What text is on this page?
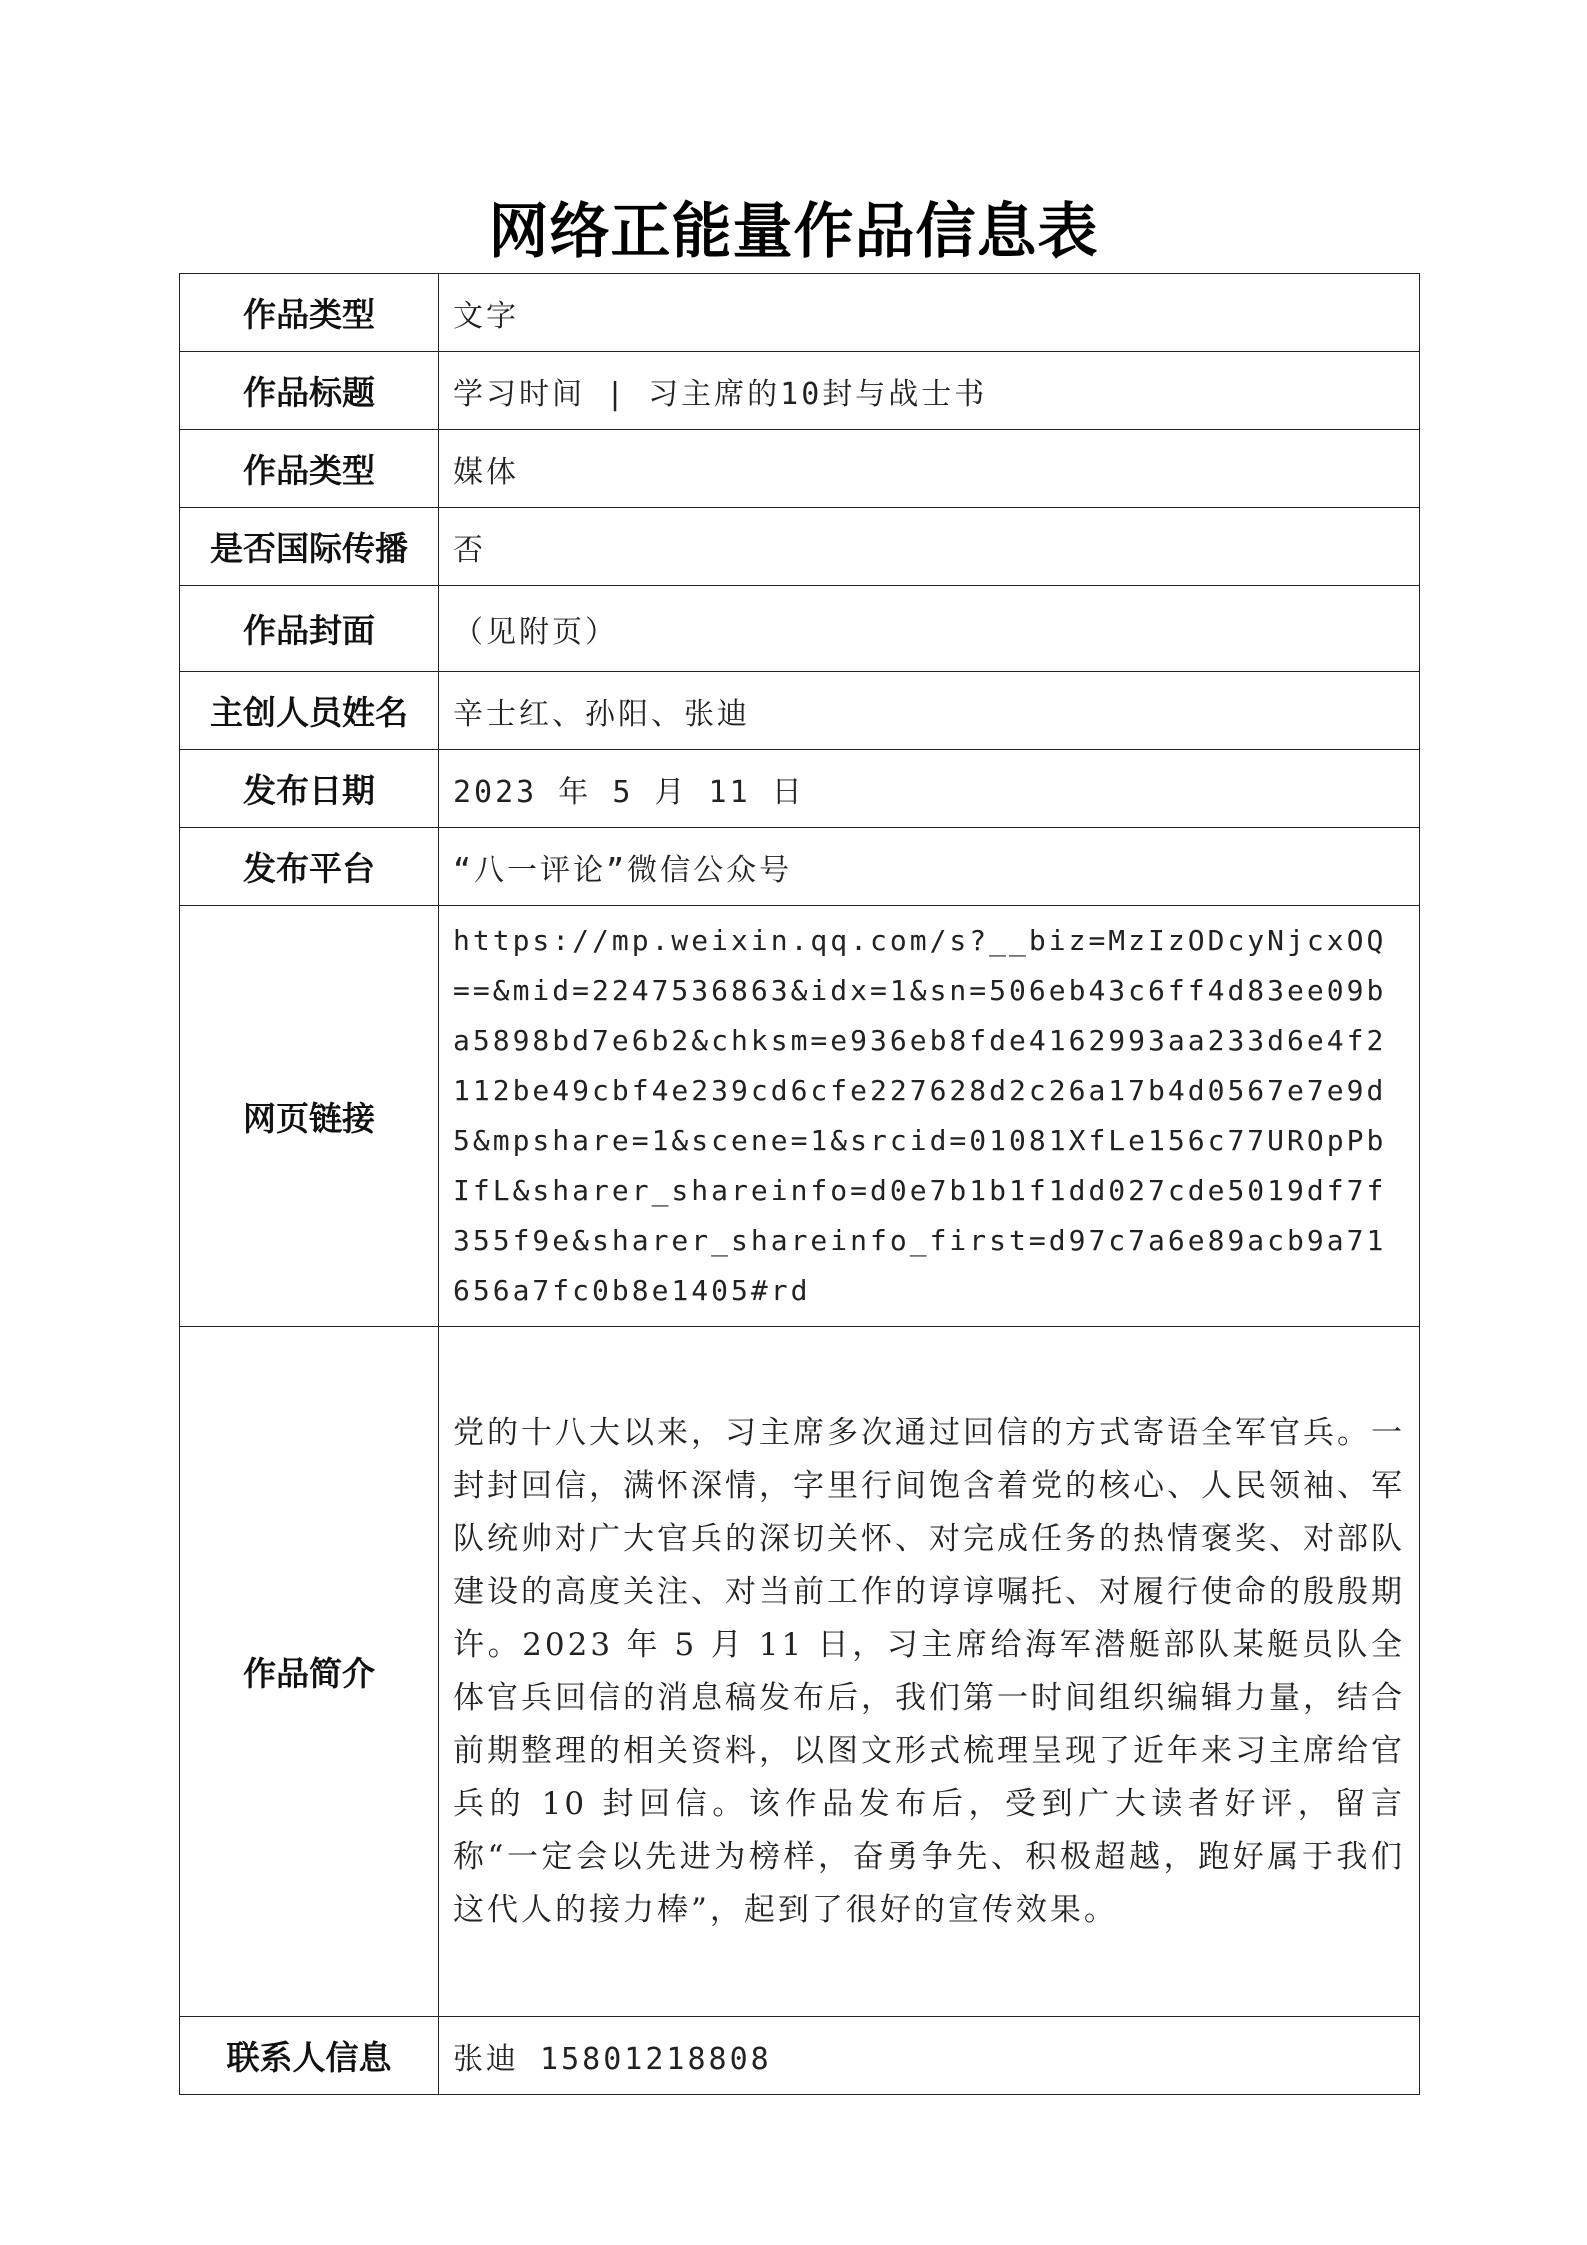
网络正能量作品信息表
作品类型	文字
作品标题	学习时间 | 习主席的10封与战士书
作品类型	媒体
是否国际传播	否
作品封面	（见附页）
主创人员姓名	辛士红、孙阳、张迪
发布日期	2023 年 5 月 11 日
发布平台	“八一评论”微信公众号
网页链接	https://mp.weixin.qq.com/s?__biz=MzIzODcyNjcxOQ==&mid=2247536863&idx=1&sn=506eb43c6ff4d83ee09ba5898bd7e6b2&chksm=e936eb8fde4162993aa233d6e4f2112be49cbf4e239cd6cfe227628d2c26a17b4d0567e7e9d5&mpshare=1&scene=1&srcid=01081XfLe156c77UROpPbIfL&sharer_shareinfo=d0e7b1b1f1dd027cde5019df7f355f9e&sharer_shareinfo_first=d97c7a6e89acb9a71656a7fc0b8e1405#rd
作品简介	党的十八大以来，习主席多次通过回信的方式寄语全军官兵。一封封回信，满怀深情，字里行间饱含着党的核心、人民领袖、军队统帅对广大官兵的深切关怀、对完成任务的热情褒奖、对部队建设的高度关注、对当前工作的谆谆嘱托、对履行使命的殷殷期许。2023 年 5 月 11 日，习主席给海军潜艇部队某艇员队全体官兵回信的消息稿发布后，我们第一时间组织编辑力量，结合前期整理的相关资料，以图文形式梳理呈现了近年来习主席给官兵的 10 封回信。该作品发布后，受到广大读者好评，留言称“一定会以先进为榜样，奋勇争先、积极超越，跑好属于我们这代人的接力棒”，起到了很好的宣传效果。
联系人信息	张迪 15801218808
